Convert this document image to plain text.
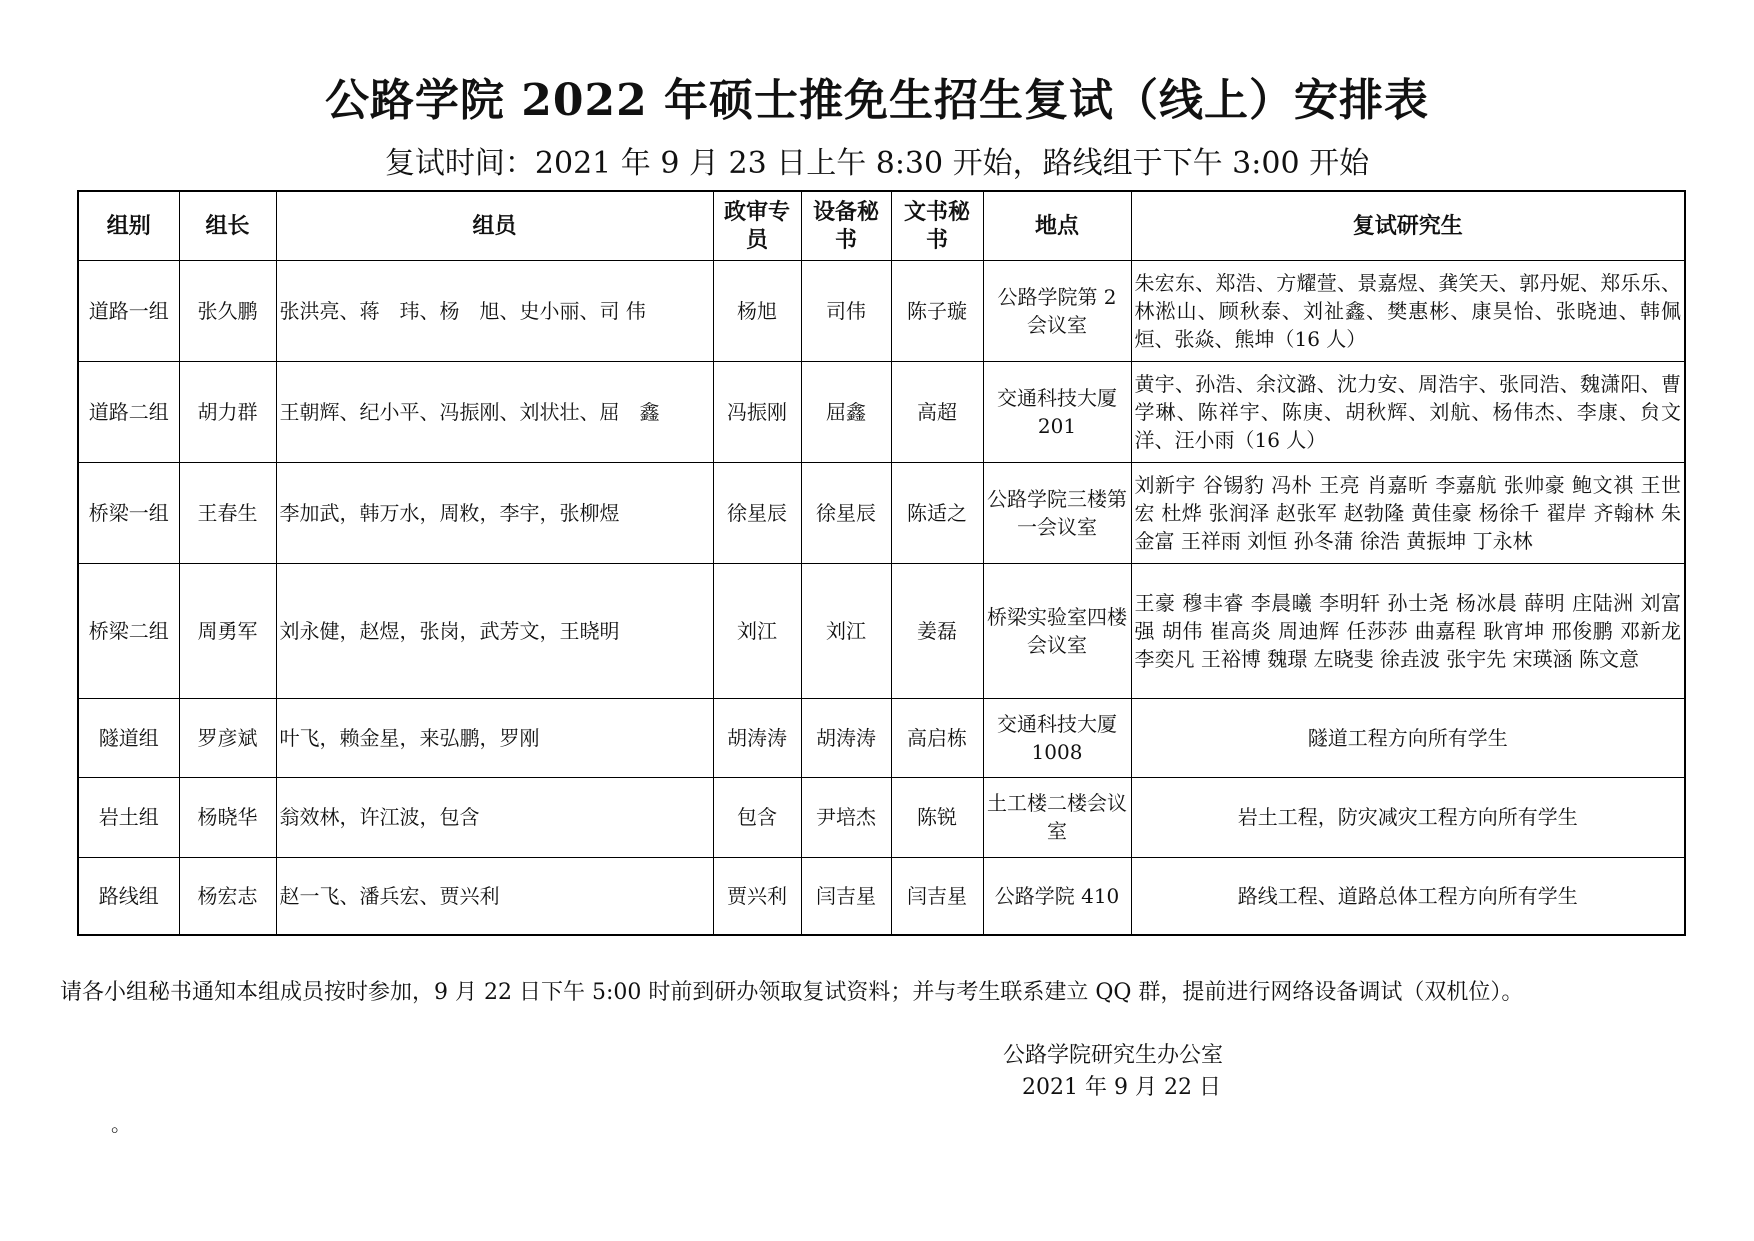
公路学院 2022 年硕士推免生招生复试（线上）安排表
复试时间：2021 年 9 月 23 日上午 8:30 开始，路线组于下午 3:00 开始
组别	组长	组员	政审专员	设备秘书	文书秘书	地点	复试研究生
道路一组	张久鹏	张洪亮、蒋　玮、杨　旭、史小丽、司 伟	杨旭	司伟	陈子璇	公路学院第 2 会议室	朱宏东、郑浩、方耀萱、景嘉煜、龚笑天、郭丹妮、郑乐乐、林淞山、顾秋泰、刘祉鑫、樊惠彬、康昊怡、张晓迪、韩佩烜、张焱、熊坤（16 人）
道路二组	胡力群	王朝辉、纪小平、冯振刚、刘状壮、屈　鑫	冯振刚	屈鑫	高超	交通科技大厦 201	黄宇、孙浩、余汶潞、沈力安、周浩宇、张同浩、魏潇阳、曹学琳、陈祥宇、陈庚、胡秋辉、刘航、杨伟杰、李康、贠文洋、汪小雨（16 人）
桥梁一组	王春生	李加武，韩万水，周敉，李宇，张柳煜	徐星辰	徐星辰	陈适之	公路学院三楼第一会议室	刘新宇 谷锡豹 冯朴 王亮 肖嘉昕 李嘉航 张帅豪 鲍文祺 王世宏 杜烨 张润泽 赵张军 赵勃隆 黄佳豪 杨徐千 翟岸 齐翰林 朱金富 王祥雨 刘恒 孙冬蒲 徐浩 黄振坤 丁永林
桥梁二组	周勇军	刘永健，赵煜，张岗，武芳文，王晓明	刘江	刘江	姜磊	桥梁实验室四楼会议室	王豪 穆丰睿 李晨曦 李明轩 孙士尧 杨冰晨 薛明 庄陆洲 刘富强 胡伟 崔高炎 周迪辉 任莎莎 曲嘉程 耿宵坤 邢俊鹏 邓新龙 李奕凡 王裕博 魏璟 左晓斐 徐垚波 张宇先 宋瑛涵 陈文意
隧道组	罗彦斌	叶飞，赖金星，来弘鹏，罗刚	胡涛涛	胡涛涛	高启栋	交通科技大厦 1008	隧道工程方向所有学生
岩土组	杨晓华	翁效林，许江波，包含	包含	尹培杰	陈锐	土工楼二楼会议室	岩土工程，防灾减灾工程方向所有学生
路线组	杨宏志	赵一飞、潘兵宏、贾兴利	贾兴利	闫吉星	闫吉星	公路学院 410	路线工程、道路总体工程方向所有学生
请各小组秘书通知本组成员按时参加，9 月 22 日下午 5:00 时前到研办领取复试资料；并与考生联系建立 QQ 群，提前进行网络设备调试（双机位）。
公路学院研究生办公室
2021 年 9 月 22 日
。
